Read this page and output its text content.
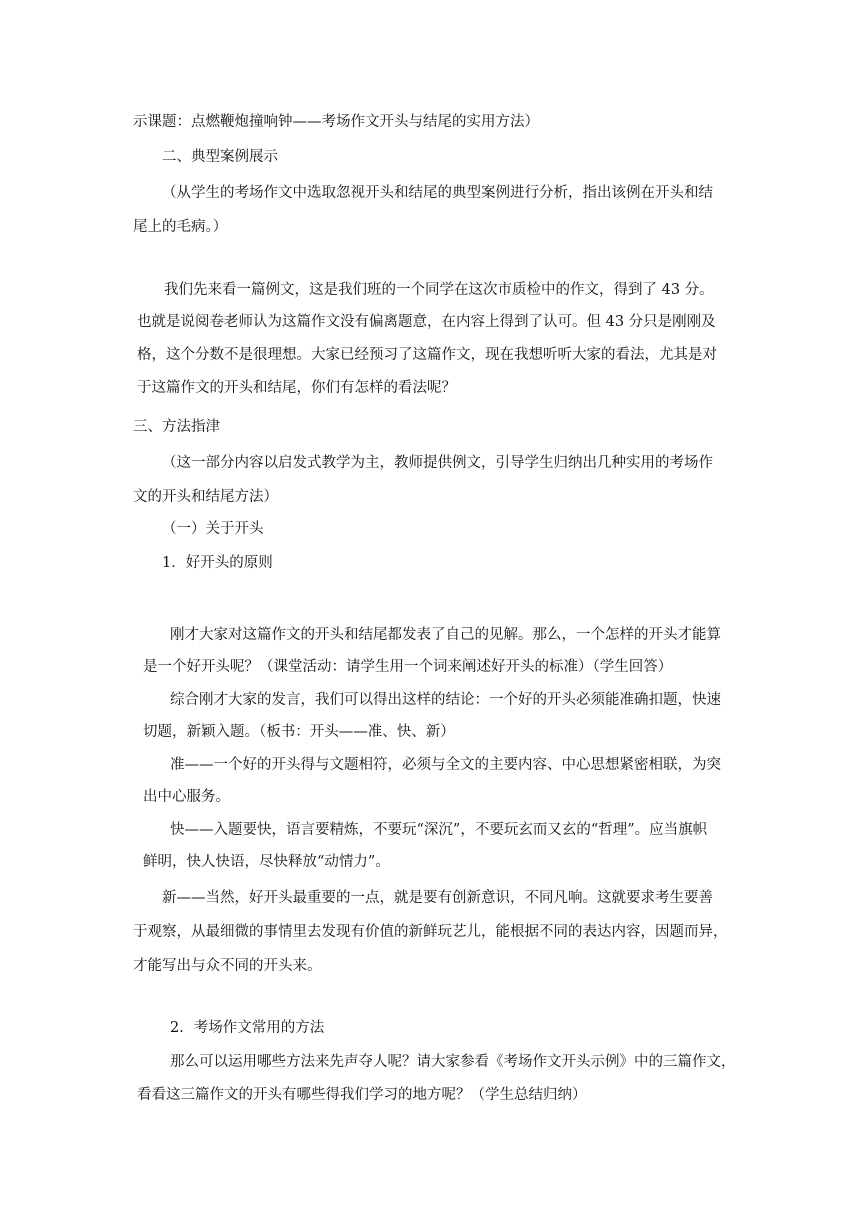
示课题：点燃鞭炮撞响钟——考场作文开头与结尾的实用方法）
二、典型案例展示
（从学生的考场作文中选取忽视开头和结尾的典型案例进行分析，指出该例在开头和结
尾上的毛病。）
我们先来看一篇例文，这是我们班的一个同学在这次市质检中的作文，得到了 43 分。
也就是说阅卷老师认为这篇作文没有偏离题意，在内容上得到了认可。但 43 分只是刚刚及
格，这个分数不是很理想。大家已经预习了这篇作文，现在我想听听大家的看法，尤其是对
于这篇作文的开头和结尾，你们有怎样的看法呢？
三、方法指津
（这一部分内容以启发式教学为主，教师提供例文，引导学生归纳出几种实用的考场作
文的开头和结尾方法）
（一）关于开头
1．好开头的原则
刚才大家对这篇作文的开头和结尾都发表了自己的见解。那么，一个怎样的开头才能算
是一个好开头呢？（课堂活动：请学生用一个词来阐述好开头的标准）（学生回答）
综合刚才大家的发言，我们可以得出这样的结论：一个好的开头必须能准确扣题，快速
切题，新颖入题。（板书：开头——准、快、新）
准——一个好的开头得与文题相符，必须与全文的主要内容、中心思想紧密相联，为突
出中心服务。
快——入题要快，语言要精炼，不要玩“深沉”，不要玩玄而又玄的“哲理”。应当旗帜
鲜明，快人快语，尽快释放“动情力”。
新——当然，好开头最重要的一点，就是要有创新意识，不同凡响。这就要求考生要善
于观察，从最细微的事情里去发现有价值的新鲜玩艺儿，能根据不同的表达内容，因题而异，
才能写出与众不同的开头来。
2．考场作文常用的方法
那么可以运用哪些方法来先声夺人呢？请大家参看《考场作文开头示例》中的三篇作文，
看看这三篇作文的开头有哪些得我们学习的地方呢？（学生总结归纳）
